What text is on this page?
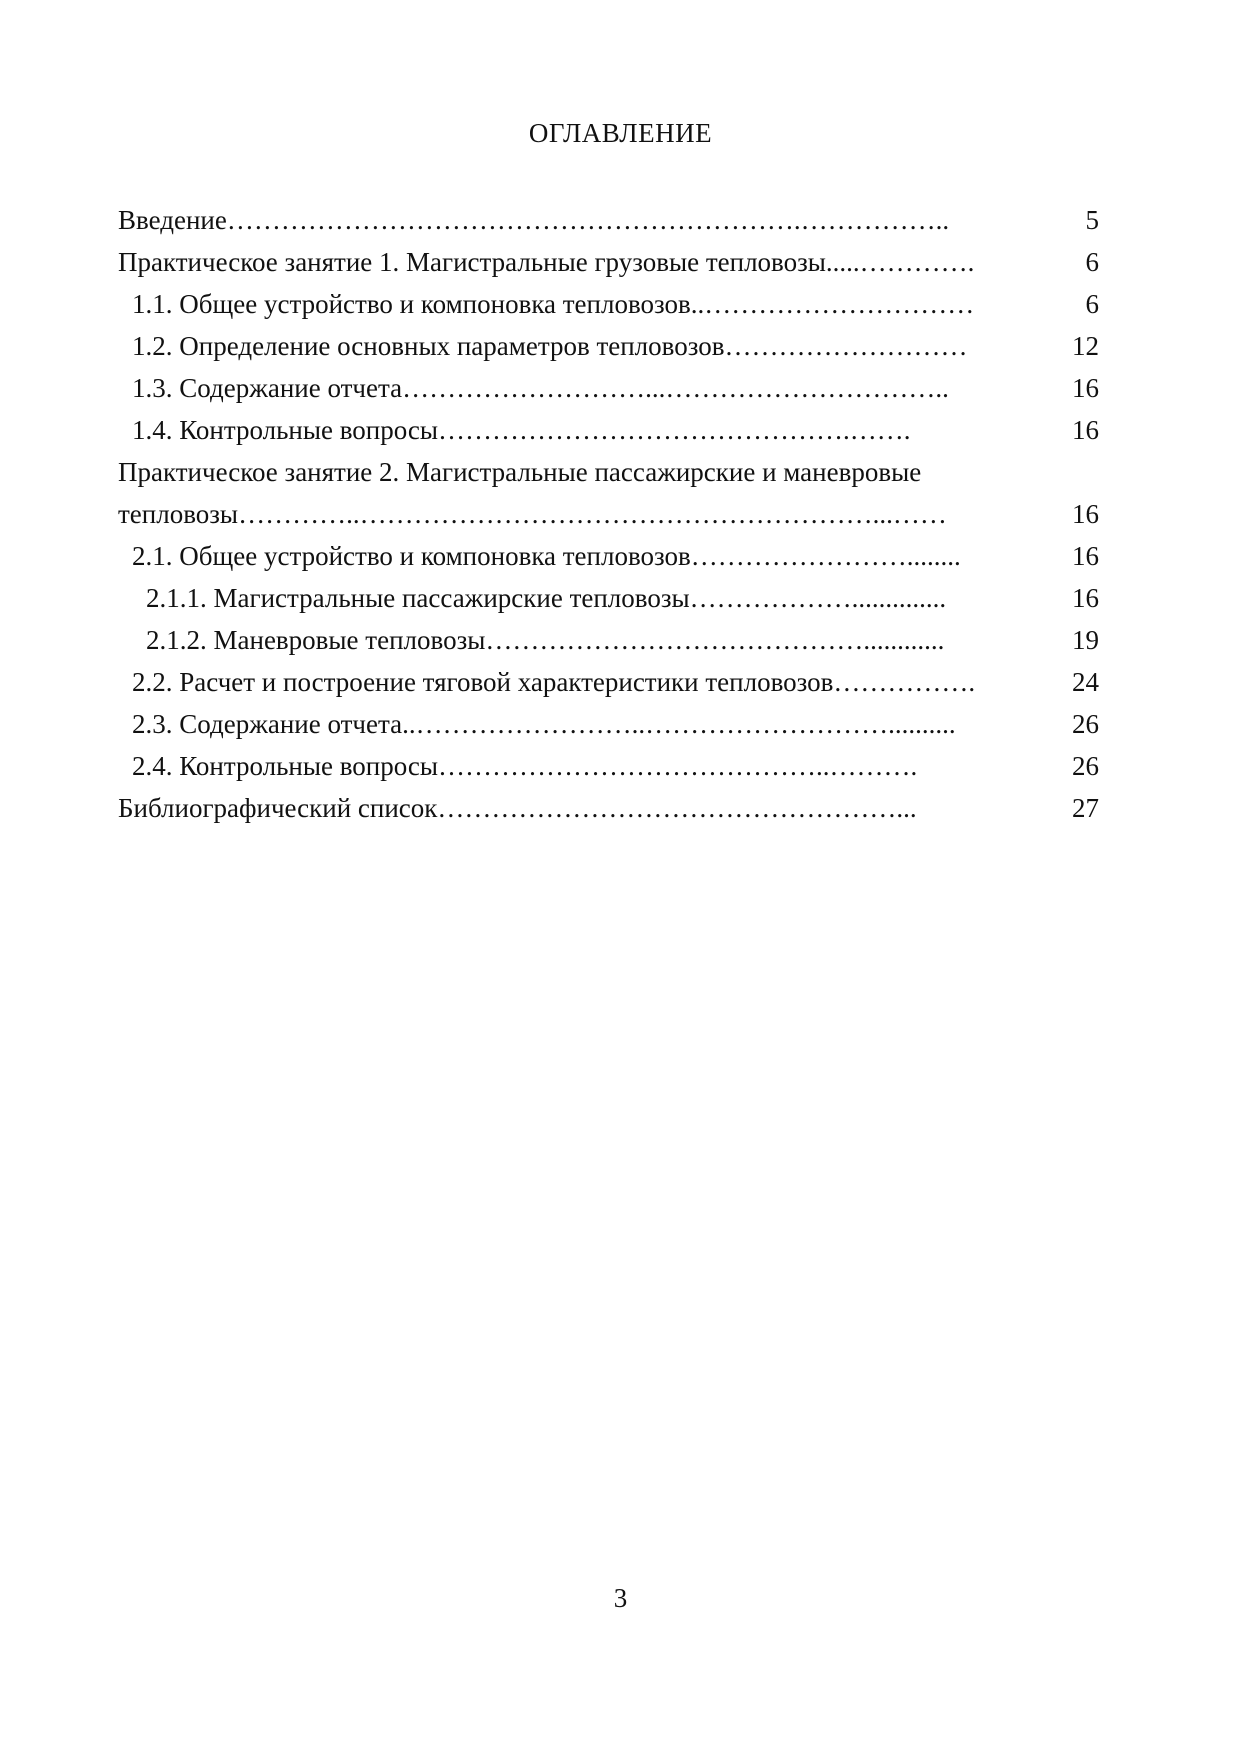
ОГЛАВЛЕНИЕ
Введение……………………………………………………….……………..	5
Практическое занятие 1. Магистральные грузовые тепловозы.....………….	6
1.1. Общее устройство и компоновка тепловозов..…………………………	6
1.2. Определение основных параметров тепловозов………………………	12
1.3. Содержание отчета………………………...…………………………..	16
1.4. Контрольные вопросы……………………………………….…….	16
Практическое занятие 2. Магистральные пассажирские и маневровые
тепловозы…………..…………………………………………………...……	16
2.1. Общее устройство и компоновка тепловозов……………………........	16
2.1.1. Магистральные пассажирские тепловозы………………..............	16
2.1.2. Маневровые тепловозы……………………………………............	19
2.2. Расчет и построение тяговой характеристики тепловозов…………….	24
2.3. Содержание отчета..……………………..………………………..........	26
2.4. Контрольные вопросы……………………………………..……….	26
Библиографический список……………………………………………...	27
3
